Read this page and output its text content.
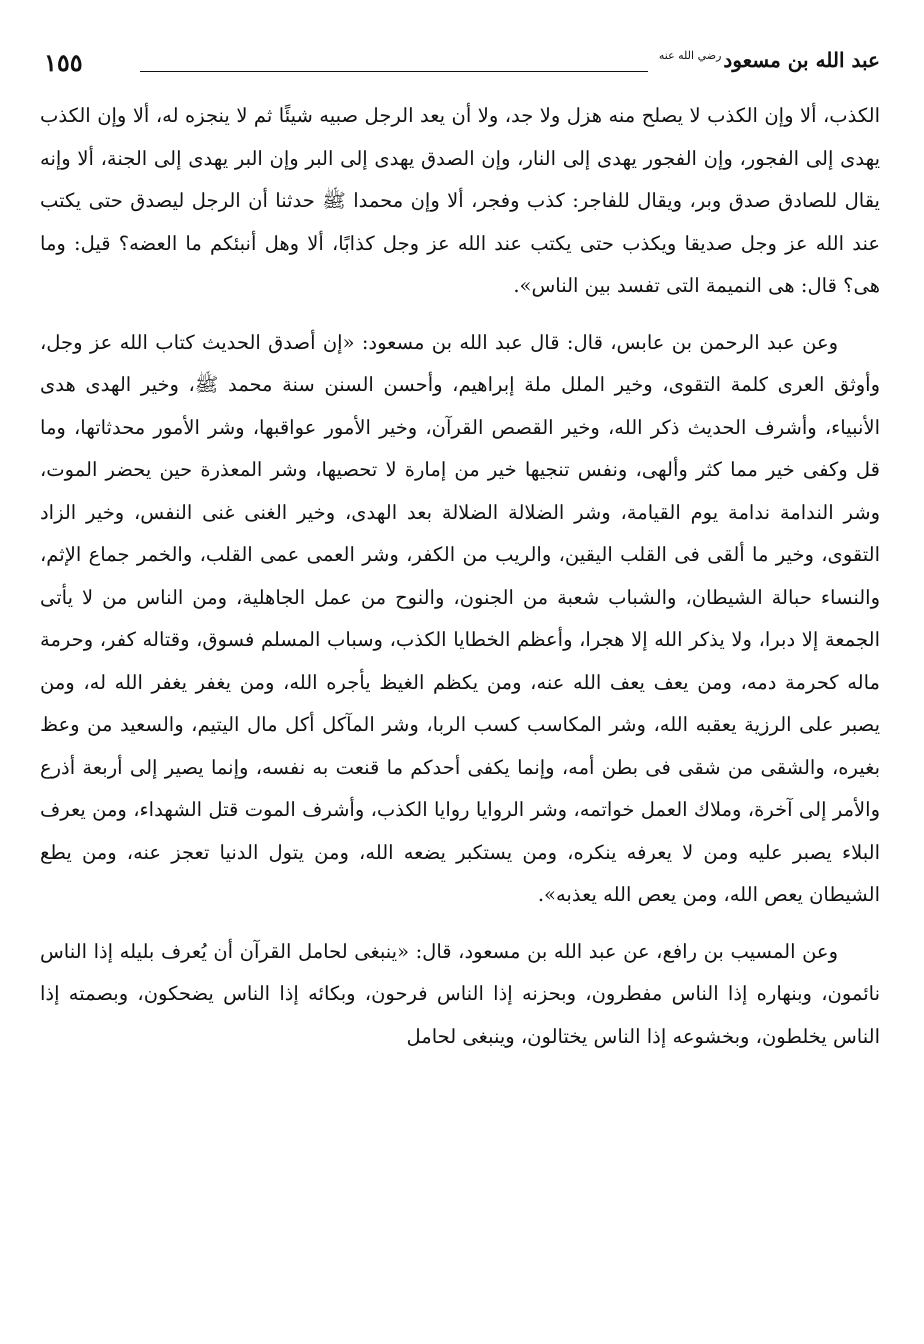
عبد الله بن مسعود$^{رضي الله عنه}$
١٥٥

الكذب، ألا وإن الكذب لا يصلح منه هزل ولا جد، ولا أن يعد الرجل صبيه شيئًا ثم لا ينجزه له، ألا وإن الكذب يهدى إلى الفجور، وإن الفجور يهدى إلى النار، وإن الصدق يهدى إلى البر وإن البر يهدى إلى الجنة، ألا وإنه يقال للصادق صدق وبر، ويقال للفاجر: كذب وفجر، ألا وإن محمدا ﷺ حدثنا أن الرجل ليصدق حتى يكتب عند الله عز وجل صديقا ويكذب حتى يكتب عند الله عز وجل كذابًا، ألا وهل أنبئكم ما العضه؟ قيل: وما هى؟ قال: هى النميمة التى تفسد بين الناس».

وعن عبد الرحمن بن عابس، قال: قال عبد الله بن مسعود: «إن أصدق الحديث كتاب الله عز وجل، وأوثق العرى كلمة التقوى، وخير الملل ملة إبراهيم، وأحسن السنن سنة محمد ﷺ، وخير الهدى هدى الأنبياء، وأشرف الحديث ذكر الله، وخير القصص القرآن، وخير الأمور عواقبها، وشر الأمور محدثاتها، وما قل وكفى خير مما كثر وألهى، ونفس تنجيها خير من إمارة لا تحصيها، وشر المعذرة حين يحضر الموت، وشر الندامة ندامة يوم القيامة، وشر الضلالة الضلالة بعد الهدى، وخير الغنى غنى النفس، وخير الزاد التقوى، وخير ما ألقى فى القلب اليقين، والريب من الكفر، وشر العمى عمى القلب، والخمر جماع الإثم، والنساء حبالة الشيطان، والشباب شعبة من الجنون، والنوح من عمل الجاهلية، ومن الناس من لا يأتى الجمعة إلا دبرا، ولا يذكر الله إلا هجرا، وأعظم الخطايا الكذب، وسباب المسلم فسوق، وقتاله كفر، وحرمة ماله كحرمة دمه، ومن يعف يعف الله عنه، ومن يكظم الغيظ يأجره الله، ومن يغفر يغفر الله له، ومن يصبر على الرزية يعقبه الله، وشر المكاسب كسب الربا، وشر المآكل أكل مال اليتيم، والسعيد من وعظ بغيره، والشقى من شقى فى بطن أمه، وإنما يكفى أحدكم ما قنعت به نفسه، وإنما يصير إلى أربعة أذرع والأمر إلى آخرة، وملاك العمل خواتمه، وشر الروايا روايا الكذب، وأشرف الموت قتل الشهداء، ومن يعرف البلاء يصبر عليه ومن لا يعرفه ينكره، ومن يستكبر يضعه الله، ومن يتول الدنيا تعجز عنه، ومن يطع الشيطان يعص الله، ومن يعص الله يعذبه».

وعن المسيب بن رافع، عن عبد الله بن مسعود، قال: «ينبغى لحامل القرآن أن يُعرف بليله إذا الناس نائمون، وبنهاره إذا الناس مفطرون، وبحزنه إذا الناس فرحون، وبكائه إذا الناس يضحكون، وبصمته إذا الناس يخلطون، وبخشوعه إذا الناس يختالون، وينبغى لحامل
